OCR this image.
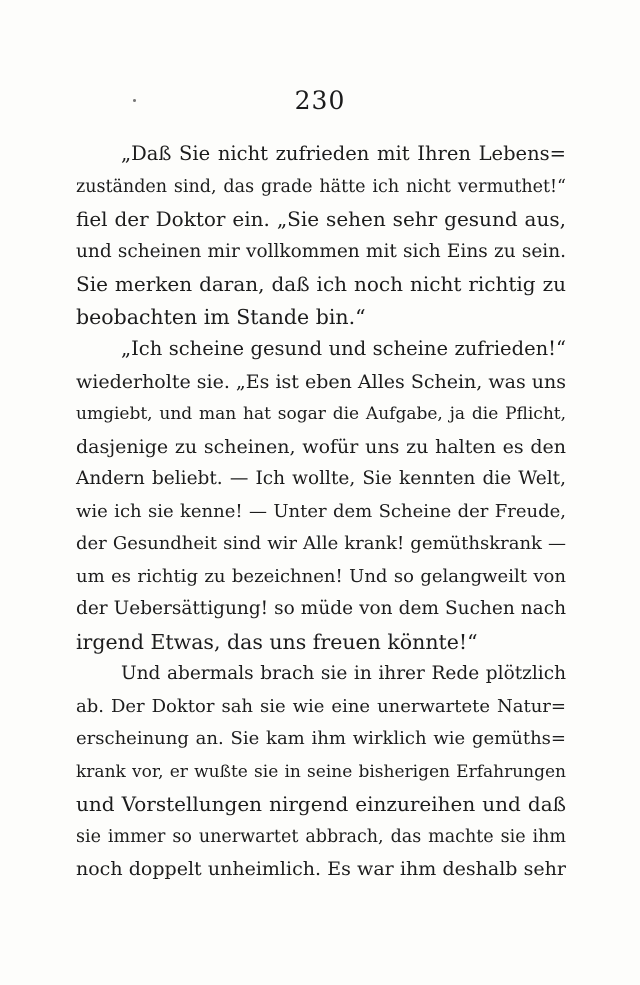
230
„Daß Sie nicht zufrieden mit Ihren Lebens=
zuständen sind, das grade hätte ich nicht vermuthet!“
fiel der Doktor ein. „Sie sehen sehr gesund aus,
und scheinen mir vollkommen mit sich Eins zu sein.
Sie merken daran, daß ich noch nicht richtig zu
beobachten im Stande bin.“
„Ich scheine gesund und scheine zufrieden!“
wiederholte sie. „Es ist eben Alles Schein, was uns
umgiebt, und man hat sogar die Aufgabe, ja die Pflicht,
dasjenige zu scheinen, wofür uns zu halten es den
Andern beliebt. — Ich wollte, Sie kennten die Welt,
wie ich sie kenne! — Unter dem Scheine der Freude,
der Gesundheit sind wir Alle krank! gemüthskrank —
um es richtig zu bezeichnen! Und so gelangweilt von
der Uebersättigung! so müde von dem Suchen nach
irgend Etwas, das uns freuen könnte!“
Und abermals brach sie in ihrer Rede plötzlich
ab. Der Doktor sah sie wie eine unerwartete Natur=
erscheinung an. Sie kam ihm wirklich wie gemüths=
krank vor, er wußte sie in seine bisherigen Erfahrungen
und Vorstellungen nirgend einzureihen und daß
sie immer so unerwartet abbrach, das machte sie ihm
noch doppelt unheimlich. Es war ihm deshalb sehr
